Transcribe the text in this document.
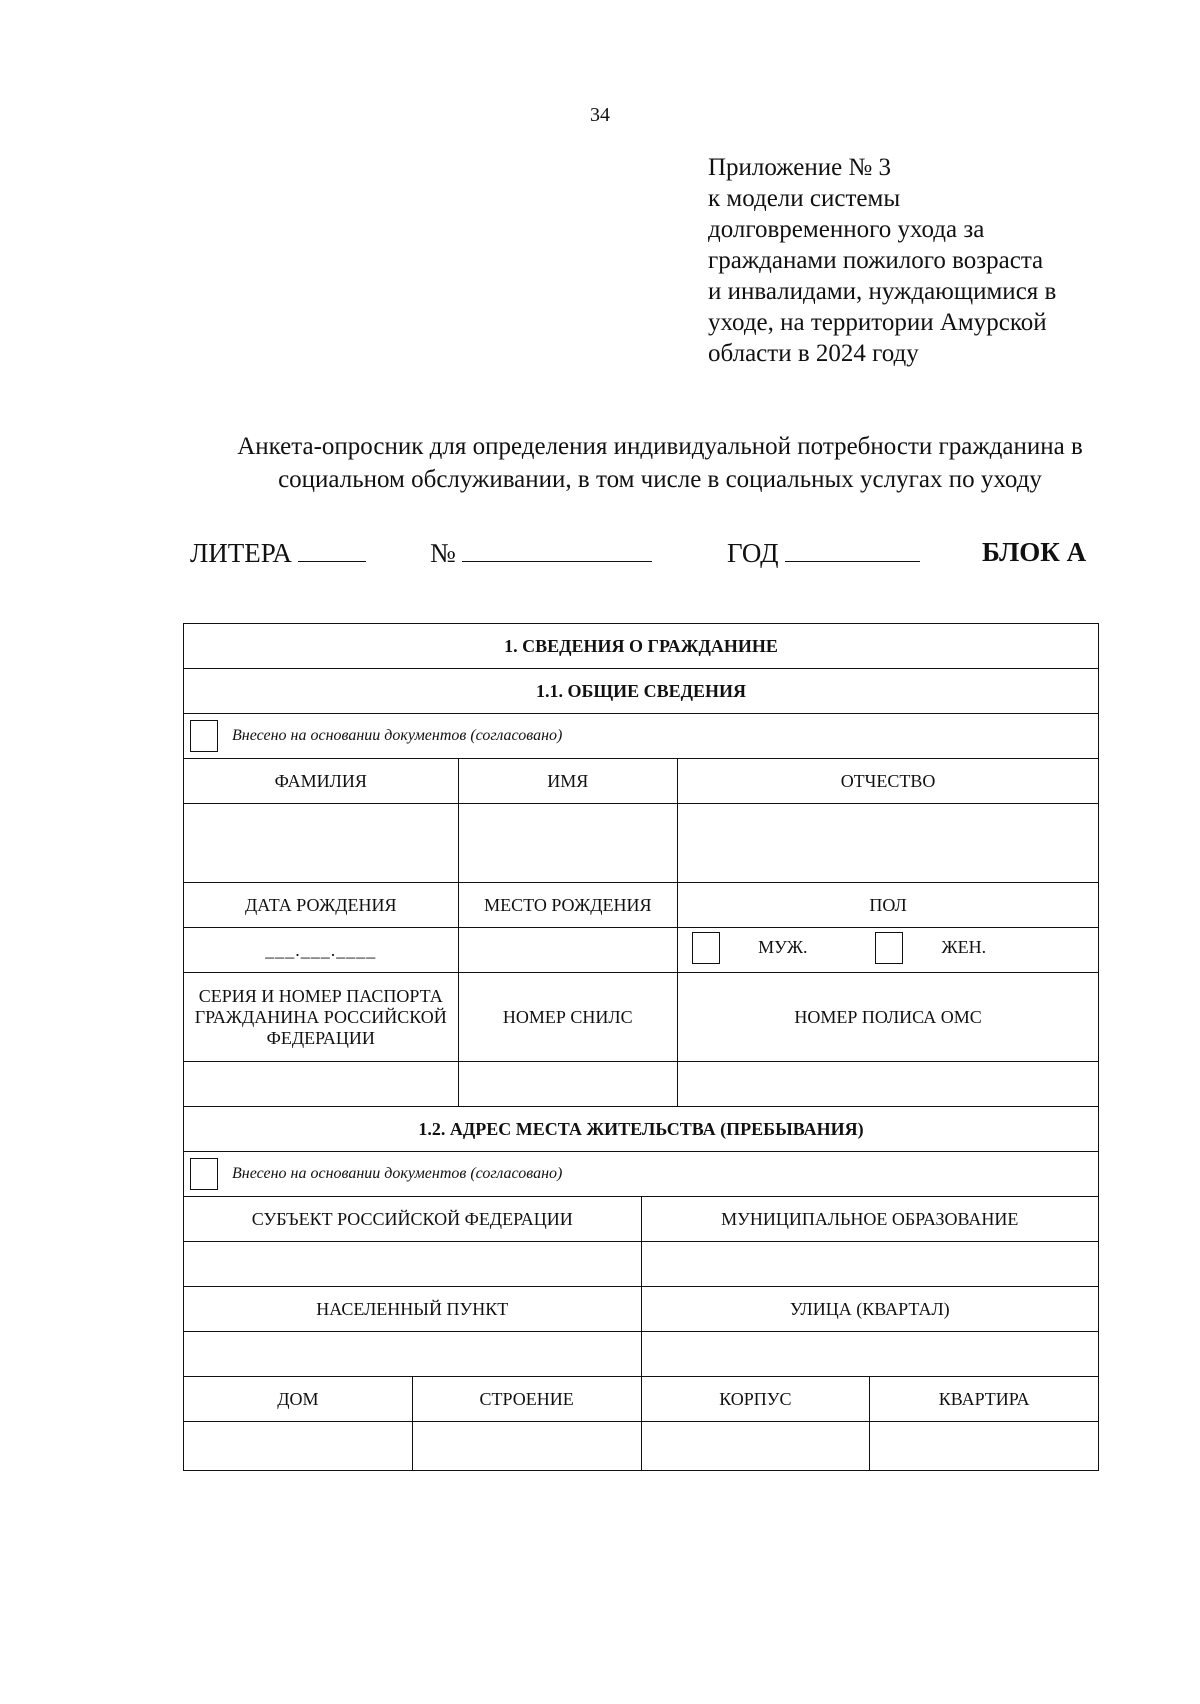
34
Приложение № 3
к модели системы
долговременного ухода за
гражданами пожилого возраста
и инвалидами, нуждающимися в
уходе, на территории Амурской
области в 2024 году
Анкета-опросник для определения индивидуальной потребности гражданина в
социальном обслуживании, в том числе в социальных услугах по уходу
ЛИТЕРА	№	ГОД	БЛОК А
1. СВЕДЕНИЯ О ГРАЖДАНИНЕ					
1.1. ОБЩИЕ СВЕДЕНИЯ					
Внесено на основании документов (согласовано)					
ФАМИЛИЯ		ИМЯ		ОТЧЕСТВО	

ДАТА РОЖДЕНИЯ		МЕСТО РОЖДЕНИЯ		ПОЛ	
___.___.____				МУЖ. ЖЕН.	

СЕРИЯ И НОМЕР ПАСПОРТА ГРАЖДАНИНА РОССИЙСКОЙ ФЕДЕРАЦИИ		НОМЕР СНИЛС		НОМЕР ПОЛИСА ОМС	

1.2. АДРЕС МЕСТА ЖИТЕЛЬСТВА (ПРЕБЫВАНИЯ)					
Внесено на основании документов (согласовано)					
СУБЪЕКТ РОССИЙСКОЙ ФЕДЕРАЦИИ			МУНИЦИПАЛЬНОЕ ОБРАЗОВАНИЕ		

НАСЕЛЕННЫЙ ПУНКТ			УЛИЦА (КВАРТАЛ)		

ДОМ	СТРОЕНИЕ		КОРПУС		КВАРТИРА
